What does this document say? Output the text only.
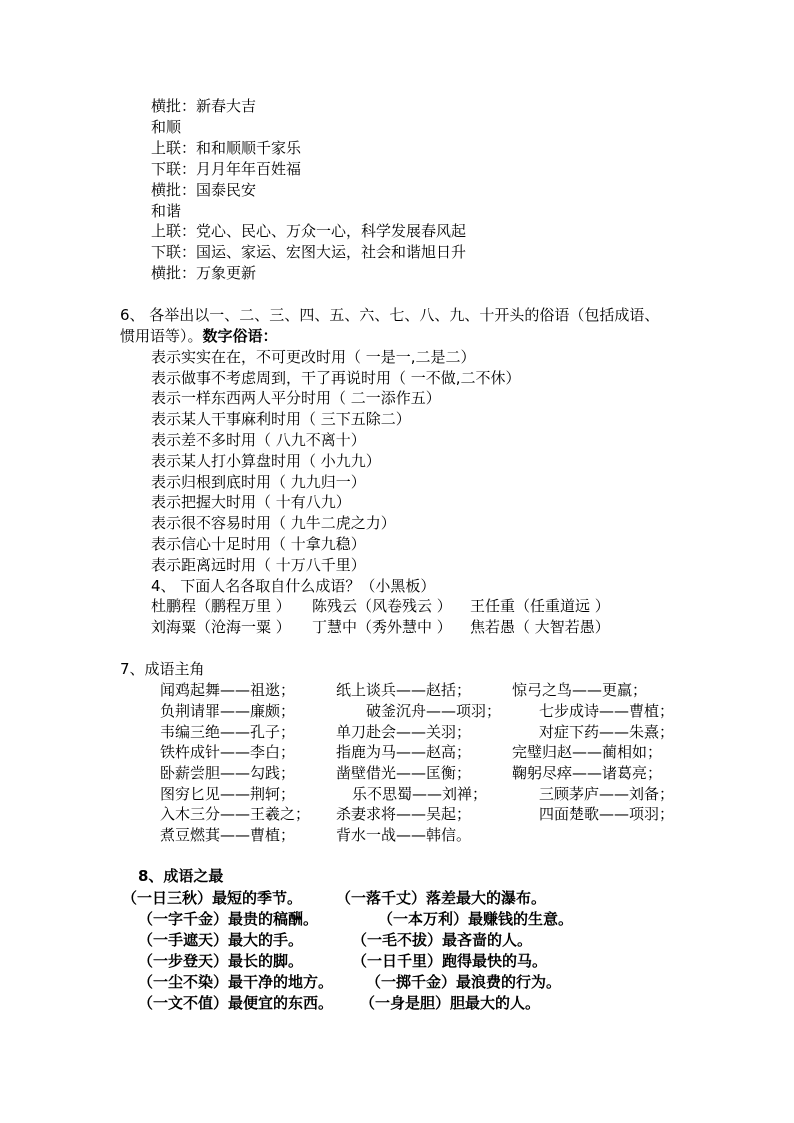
横批：新春大吉
和顺
上联：和和顺顺千家乐
下联：月月年年百姓福
横批：国泰民安
和谐
上联：党心、民心、万众一心，科学发展春风起
下联：国运、家运、宏图大运，社会和谐旭日升
横批：万象更新
6、 各举出以一、二、三、四、五、六、七、八、九、十开头的俗语（包括成语、
惯用语等）。数字俗语：
表示实实在在，不可更改时用（ 一是一,二是二）
表示做事不考虑周到，干了再说时用（ 一不做,二不休）
表示一样东西两人平分时用（ 二一添作五）
表示某人干事麻利时用（ 三下五除二）
表示差不多时用（ 八九不离十）
表示某人打小算盘时用（ 小九九）
表示归根到底时用（ 九九归一）
表示把握大时用（ 十有八九）
表示很不容易时用（ 九牛二虎之力）
表示信心十足时用（ 十拿九稳）
表示距离远时用（ 十万八千里）
4、 下面人名各取自什么成语？（小黑板）
杜鹏程（鹏程万里 ） 陈残云（风卷残云 ） 王任重（任重道远 ）
刘海粟（沧海一粟 ） 丁慧中（秀外慧中 ） 焦若愚（ 大智若愚）
7、成语主角
闻鸡起舞——祖逖；	纸上谈兵——赵括；	惊弓之鸟——更羸；
负荆请罪——廉颇；	破釜沉舟——项羽；	七步成诗——曹植；
韦编三绝——孔子；	单刀赴会——关羽；	对症下药——朱熹；
铁杵成针——李白；	指鹿为马——赵高；	完璧归赵——蔺相如；
卧薪尝胆——勾践；	凿壁借光——匡衡；	鞠躬尽瘁——诸葛亮；
图穷匕见——荆轲；	乐不思蜀——刘禅；	三顾茅庐——刘备；
入木三分——王羲之； 杀妻求将——吴起；	四面楚歌——项羽；
煮豆燃萁——曹植；	背水一战——韩信。
8、成语之最
（一日三秋）最短的季节。 （一落千丈）落差最大的瀑布。
（一字千金）最贵的稿酬。	（一本万利）最赚钱的生意。
（一手遮天）最大的手。	（一毛不拔）最吝啬的人。
（一步登天）最长的脚。	（一日千里）跑得最快的马。
（一尘不染）最干净的地方。 （一掷千金）最浪费的行为。
（一文不值）最便宜的东西。 （一身是胆）胆最大的人。
